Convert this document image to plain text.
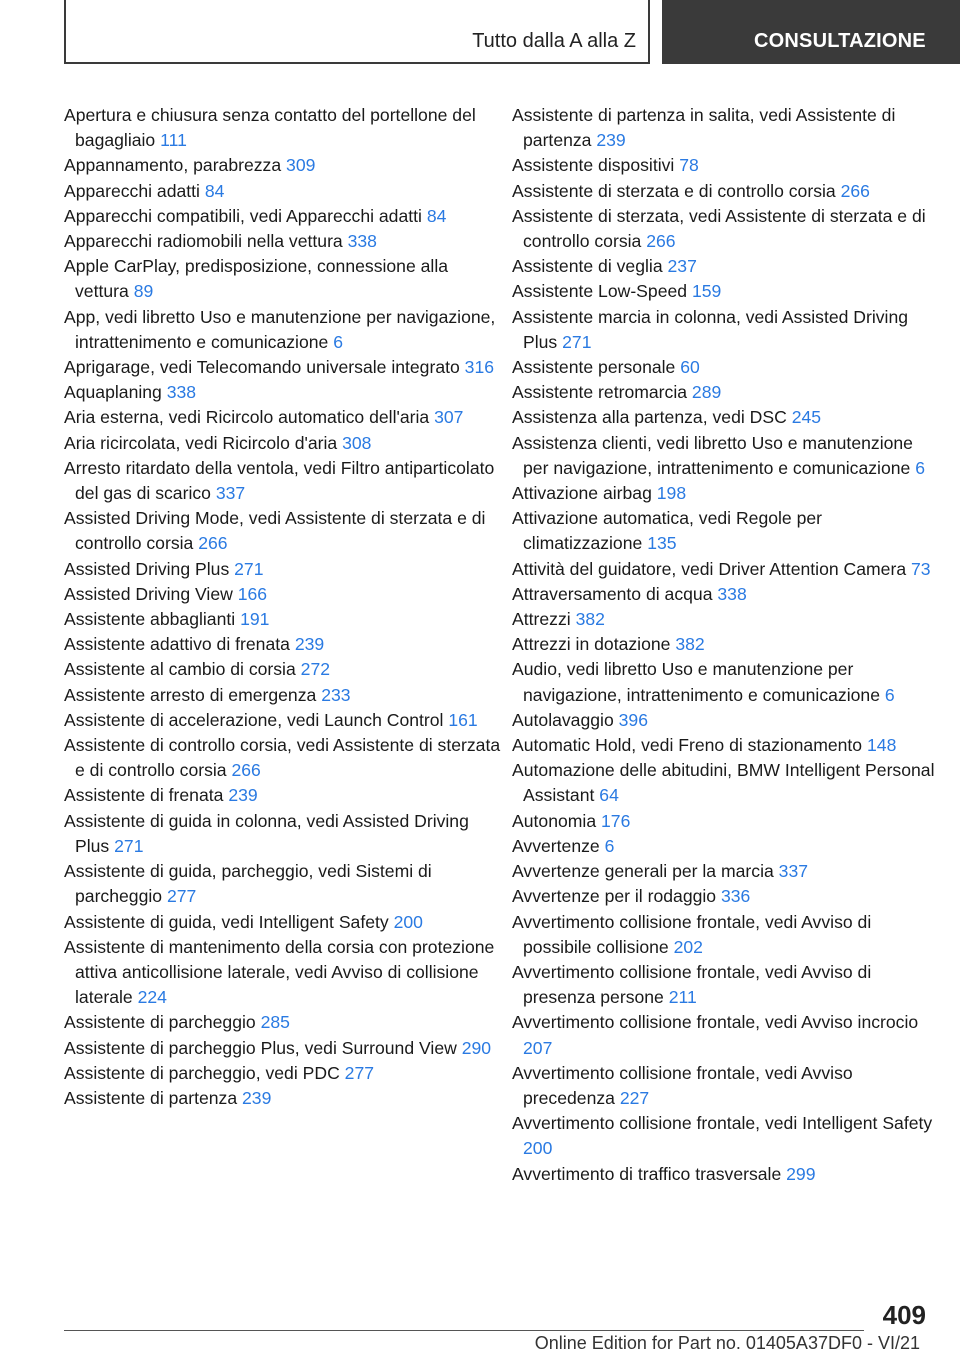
Tutto dalla A alla Z	CONSULTAZIONE

Apertura e chiusura senza contatto del portellone del bagagliaio 111

Appannamento, parabrezza 309

Apparecchi adatti 84

Apparecchi compatibili, vedi Apparecchi adatti 84

Apparecchi radiomobili nella vettura 338

Apple CarPlay, predisposizione, connessione alla vettura 89

App, vedi libretto Uso e manutenzione per navigazione, intrattenimento e comunicazione 6

Aprigarage, vedi Telecomando universale integrato 316

Aquaplaning 338

Aria esterna, vedi Ricircolo automatico dell'aria 307

Aria ricircolata, vedi Ricircolo d'aria 308

Arresto ritardato della ventola, vedi Filtro antiparticolato del gas di scarico 337

Assisted Driving Mode, vedi Assistente di sterzata e di controllo corsia 266

Assisted Driving Plus 271

Assisted Driving View 166

Assistente abbaglianti 191

Assistente adattivo di frenata 239

Assistente al cambio di corsia 272

Assistente arresto di emergenza 233

Assistente di accelerazione, vedi Launch Control 161

Assistente di controllo corsia, vedi Assistente di sterzata e di controllo corsia 266

Assistente di frenata 239

Assistente di guida in colonna, vedi Assisted Driving Plus 271

Assistente di guida, parcheggio, vedi Sistemi di parcheggio 277

Assistente di guida, vedi Intelligent Safety 200

Assistente di mantenimento della corsia con protezione attiva anticollisione laterale, vedi Avviso di collisione laterale 224

Assistente di parcheggio 285

Assistente di parcheggio Plus, vedi Surround View 290

Assistente di parcheggio, vedi PDC 277

Assistente di partenza 239

Assistente di partenza in salita, vedi Assistente di partenza 239

Assistente dispositivi 78

Assistente di sterzata e di controllo corsia 266

Assistente di sterzata, vedi Assistente di sterzata e di controllo corsia 266

Assistente di veglia 237

Assistente Low-Speed 159

Assistente marcia in colonna, vedi Assisted Driving Plus 271

Assistente personale 60

Assistente retromarcia 289

Assistenza alla partenza, vedi DSC 245

Assistenza clienti, vedi libretto Uso e manutenzione per navigazione, intrattenimento e comunicazione 6

Attivazione airbag 198

Attivazione automatica, vedi Regole per climatizzazione 135

Attività del guidatore, vedi Driver Attention Camera 73

Attraversamento di acqua 338

Attrezzi 382

Attrezzi in dotazione 382

Audio, vedi libretto Uso e manutenzione per navigazione, intrattenimento e comunicazione 6

Autolavaggio 396

Automatic Hold, vedi Freno di stazionamento 148

Automazione delle abitudini, BMW Intelligent Personal Assistant 64

Autonomia 176

Avvertenze 6

Avvertenze generali per la marcia 337

Avvertenze per il rodaggio 336

Avvertimento collisione frontale, vedi Avviso di possibile collisione 202

Avvertimento collisione frontale, vedi Avviso di presenza persone 211

Avvertimento collisione frontale, vedi Avviso incrocio 207

Avvertimento collisione frontale, vedi Avviso precedenza 227

Avvertimento collisione frontale, vedi Intelligent Safety 200

Avvertimento di traffico trasversale 299

409
Online Edition for Part no. 01405A37DF0 - VI/21
